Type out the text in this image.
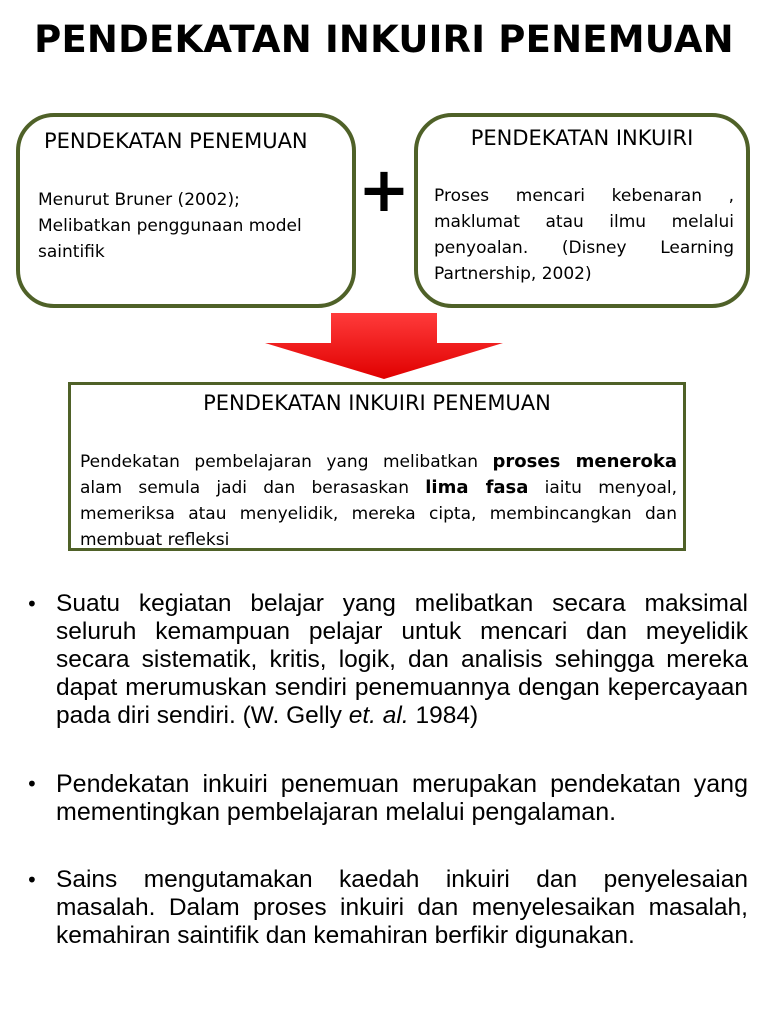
PENDEKATAN INKUIRI PENEMUAN
PENDEKATAN PENEMUAN
Menurut Bruner (2002); Melibatkan penggunaan model saintifik
+
PENDEKATAN INKUIRI
Proses mencari kebenaran , maklumat atau ilmu melalui penyoalan. (Disney Learning Partnership, 2002)
PENDEKATAN INKUIRI PENEMUAN
Pendekatan pembelajaran yang melibatkan proses meneroka alam semula jadi dan berasaskan lima fasa iaitu menyoal, memeriksa atau menyelidik, mereka cipta, membincangkan dan membuat refleksi
• Suatu kegiatan belajar yang melibatkan secara maksimal seluruh kemampuan pelajar untuk mencari dan meyelidik secara sistematik, kritis, logik, dan analisis sehingga mereka dapat merumuskan sendiri penemuannya dengan kepercayaan pada diri sendiri. (W. Gelly et. al. 1984)
• Pendekatan inkuiri penemuan merupakan pendekatan yang mementingkan pembelajaran melalui pengalaman.
• Sains mengutamakan kaedah inkuiri dan penyelesaian masalah. Dalam proses inkuiri dan menyelesaikan masalah, kemahiran saintifik dan kemahiran berfikir digunakan.
